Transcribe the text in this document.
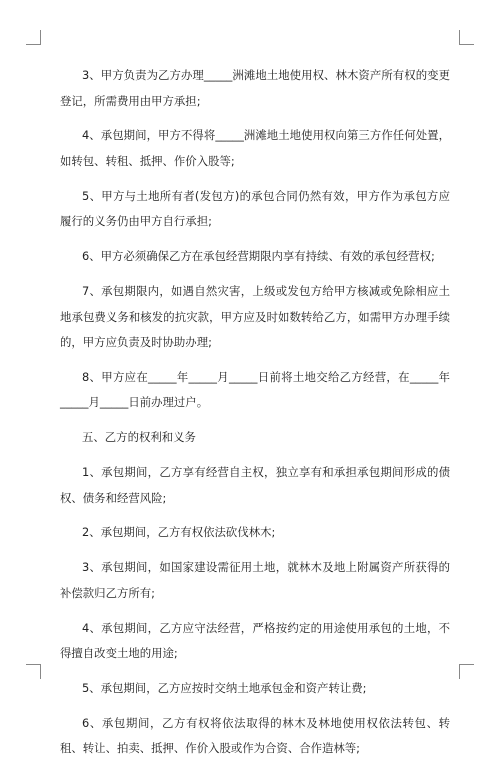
3、甲方负责为乙方办理_____洲滩地土地使用权、林木资产所有权的变更登记，所需费用由甲方承担;

4、承包期间，甲方不得将_____洲滩地土地使用权向第三方作任何处置，如转包、转租、抵押、作价入股等;

5、甲方与土地所有者(发包方)的承包合同仍然有效，甲方作为承包方应履行的义务仍由甲方自行承担;

6、甲方必须确保乙方在承包经营期限内享有持续、有效的承包经营权;

7、承包期限内，如遇自然灾害，上级或发包方给甲方核减或免除相应土地承包费义务和核发的抗灾款，甲方应及时如数转给乙方，如需甲方办理手续的，甲方应负责及时协助办理;

8、甲方应在_____年_____月_____日前将土地交给乙方经营，在_____年_____月_____日前办理过户。

五、乙方的权利和义务

1、承包期间，乙方享有经营自主权，独立享有和承担承包期间形成的债权、债务和经营风险;

2、承包期间，乙方有权依法砍伐林木;

3、承包期间，如国家建设需征用土地，就林木及地上附属资产所获得的补偿款归乙方所有;

4、承包期间，乙方应守法经营，严格按约定的用途使用承包的土地，不得擅自改变土地的用途;

5、承包期间，乙方应按时交纳土地承包金和资产转让费;

6、承包期间，乙方有权将依法取得的林木及林地使用权依法转包、转租、转让、拍卖、抵押、作价入股或作为合资、合作造林等;
